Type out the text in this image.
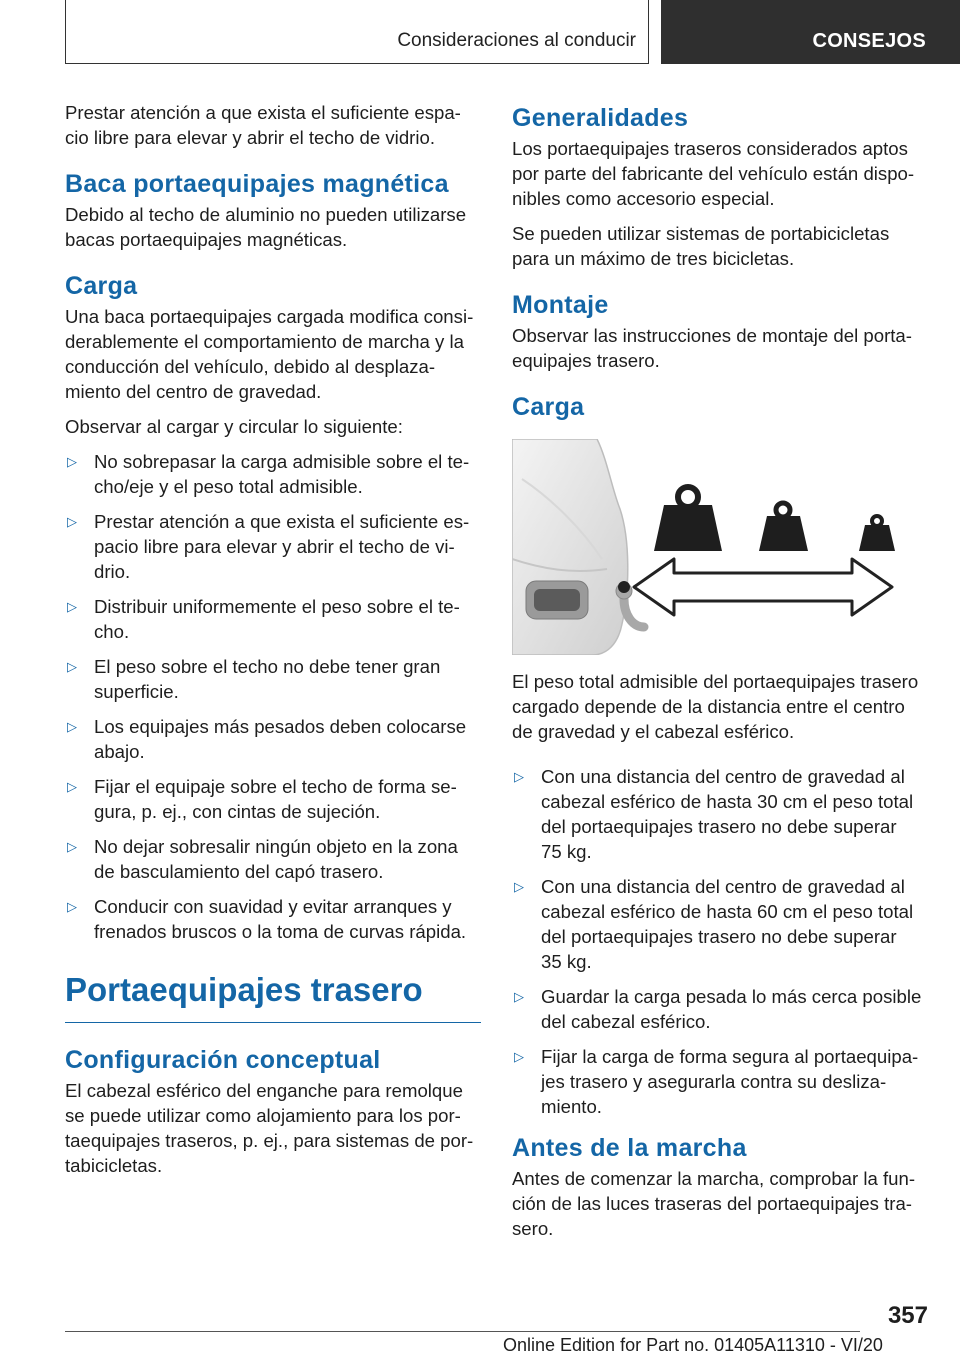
Consideraciones al conducir	CONSEJOS

Prestar atención a que exista el suficiente espa-
cio libre para elevar y abrir el techo de vidrio.

Baca portaequipajes magnética

Debido al techo de aluminio no pueden utilizarse
bacas portaequipajes magnéticas.

Carga

Una baca portaequipajes cargada modifica consi-
derablemente el comportamiento de marcha y la
conducción del vehículo, debido al desplaza-
miento del centro de gravedad.

Observar al cargar y circular lo siguiente:

▷ No sobrepasar la carga admisible sobre el te-
cho/eje y el peso total admisible.
▷ Prestar atención a que exista el suficiente es-
pacio libre para elevar y abrir el techo de vi-
drio.
▷ Distribuir uniformemente el peso sobre el te-
cho.
▷ El peso sobre el techo no debe tener gran
superficie.
▷ Los equipajes más pesados deben colocarse
abajo.
▷ Fijar el equipaje sobre el techo de forma se-
gura, p. ej., con cintas de sujeción.
▷ No dejar sobresalir ningún objeto en la zona
de basculamiento del capó trasero.
▷ Conducir con suavidad y evitar arranques y
frenados bruscos o la toma de curvas rápida.
Portaequipajes trasero
Configuración conceptual

El cabezal esférico del enganche para remolque
se puede utilizar como alojamiento para los por-
taequipajes traseros, p. ej., para sistemas de por-
tabicicletas.

Generalidades

Los portaequipajes traseros considerados aptos
por parte del fabricante del vehículo están dispo-
nibles como accesorio especial.

Se pueden utilizar sistemas de portabicicletas
para un máximo de tres bicicletas.

Montaje

Observar las instrucciones de montaje del porta-
equipajes trasero.

Carga

El peso total admisible del portaequipajes trasero
cargado depende de la distancia entre el centro
de gravedad y el cabezal esférico.

▷ Con una distancia del centro de gravedad al
cabezal esférico de hasta 30 cm el peso total
del portaequipajes trasero no debe superar
75 kg.
▷ Con una distancia del centro de gravedad al
cabezal esférico de hasta 60 cm el peso total
del portaequipajes trasero no debe superar
35 kg.
▷ Guardar la carga pesada lo más cerca posible
del cabezal esférico.
▷ Fijar la carga de forma segura al portaequipa-
jes trasero y asegurarla contra su desliza-
miento.
Antes de la marcha

Antes de comenzar la marcha, comprobar la fun-
ción de las luces traseras del portaequipajes tra-
sero.

357
Online Edition for Part no. 01405A11310 - VI/20
